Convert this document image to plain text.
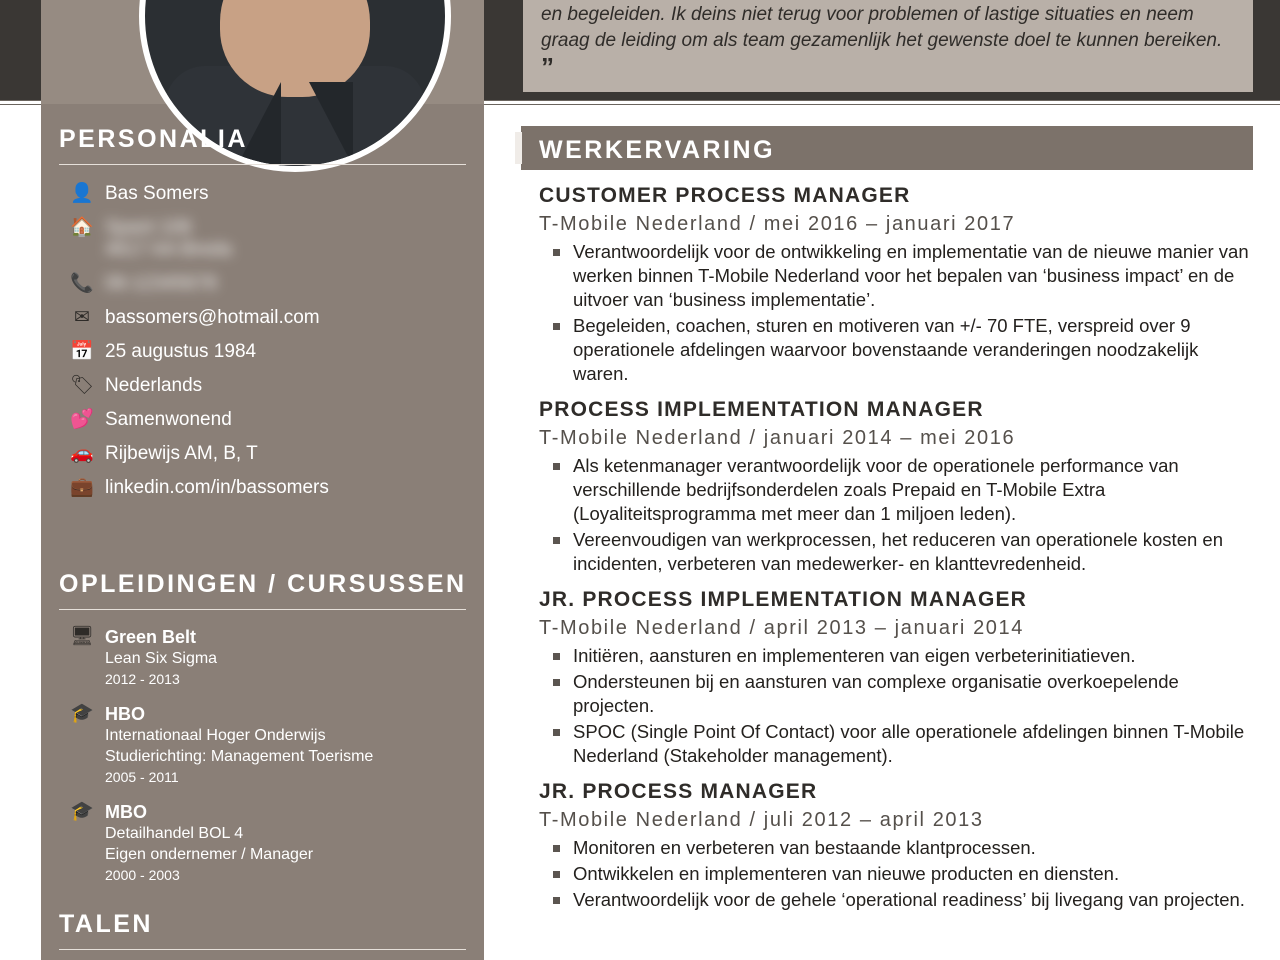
PERSONALIA
👤 Bas Somers
🏠 Spant 106
4617 AA Breda
📞 06-12345678
✉ bassomers@hotmail.com
📅 25 augustus 1984
🏷 Nederlands
💕 Samenwonend
🚗 Rijbewijs AM, B, T
💼 linkedin.com/in/bassomers
OPLEIDINGEN / CURSUSSEN
🖥 Green Belt
Lean Six Sigma
2012 - 2013
🎓 HBO
Internationaal Hoger Onderwijs
Studierichting: Management Toerisme
2005 - 2011
🎓 MBO
Detailhandel BOL 4
Eigen ondernemer / Manager
2000 - 2003
TALEN
en begeleiden. Ik deins niet terug voor problemen of lastige situaties en neem graag de leiding om als team gezamenlijk het gewenste doel te kunnen bereiken. ”
WERKERVARING
CUSTOMER PROCESS MANAGER
T-Mobile Nederland / mei 2016 – januari 2017
Verantwoordelijk voor de ontwikkeling en implementatie van de nieuwe manier van werken binnen T-Mobile Nederland voor het bepalen van ‘business impact’ en de uitvoer van ‘business implementatie’.
Begeleiden, coachen, sturen en motiveren van +/- 70 FTE, verspreid over 9 operationele afdelingen waarvoor bovenstaande veranderingen noodzakelijk waren.
PROCESS IMPLEMENTATION MANAGER
T-Mobile Nederland / januari 2014 – mei 2016
Als ketenmanager verantwoordelijk voor de operationele performance van verschillende bedrijfsonderdelen zoals Prepaid en T-Mobile Extra (Loyaliteitsprogramma met meer dan 1 miljoen leden).
Vereenvoudigen van werkprocessen, het reduceren van operationele kosten en incidenten, verbeteren van medewerker- en klanttevredenheid.
JR. PROCESS IMPLEMENTATION MANAGER
T-Mobile Nederland / april 2013 – januari 2014
Initiëren, aansturen en implementeren van eigen verbeterinitiatieven.
Ondersteunen bij en aansturen van complexe organisatie overkoepelende projecten.
SPOC (Single Point Of Contact) voor alle operationele afdelingen binnen T-Mobile Nederland (Stakeholder management).
JR. PROCESS MANAGER
T-Mobile Nederland / juli 2012 – april 2013
Monitoren en verbeteren van bestaande klantprocessen.
Ontwikkelen en implementeren van nieuwe producten en diensten.
Verantwoordelijk voor de gehele ‘operational readiness’ bij livegang van projecten.
